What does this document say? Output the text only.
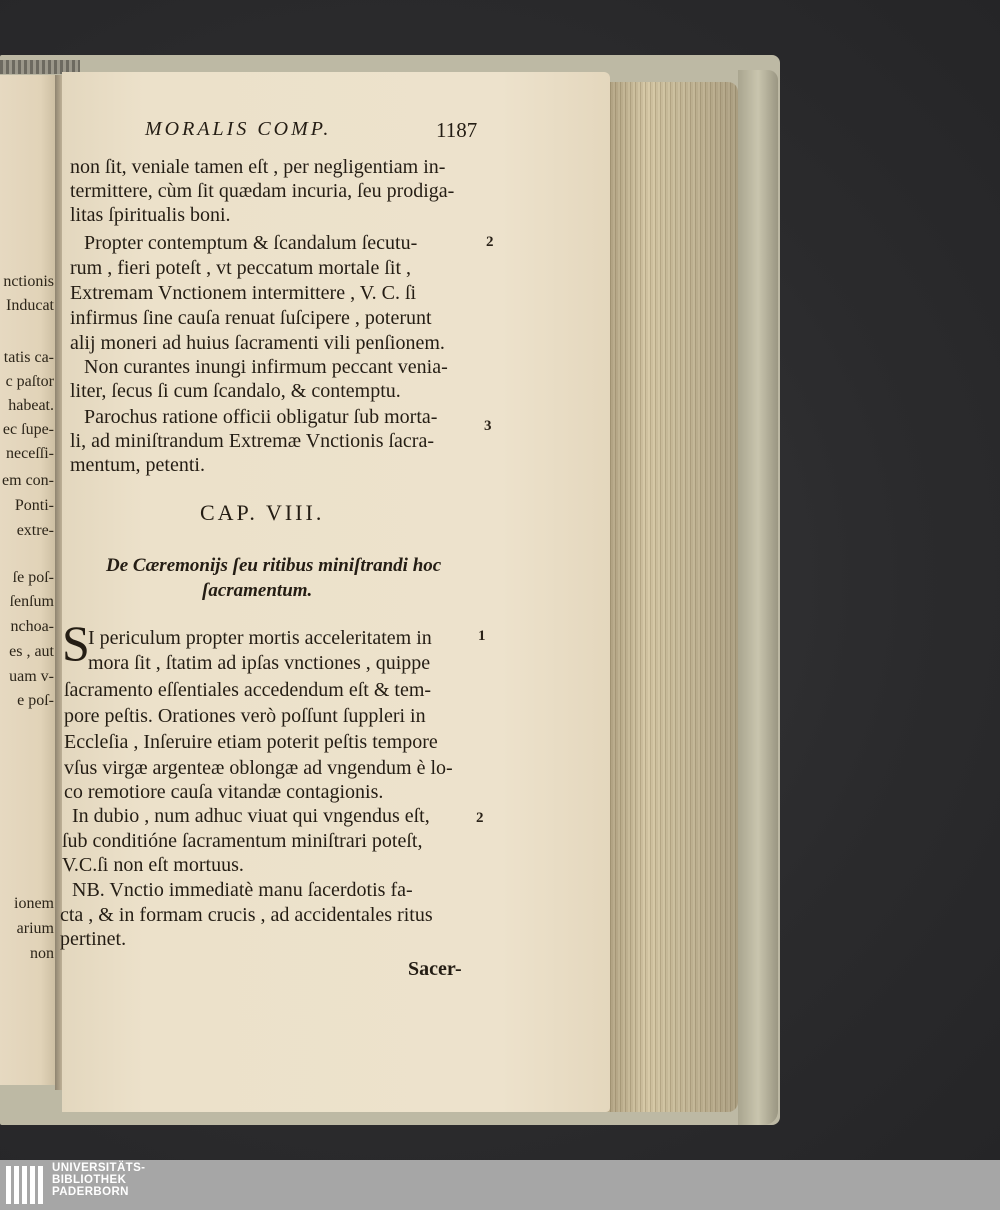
nctionis
Inducat
tatis ca-
c paſtor
habeat.
ec ſupe-
neceſſi-
em con-
Ponti-
extre-
ſe poſ-
ſenſum
nchoa-
es , aut
uam v-
e poſ-
ionem
arium
non
MORALIS COMP.	1187
non ſit, veniale tamen eſt , per negligentiam in-
termittere, cùm ſit quædam incuria, ſeu prodiga-
litas ſpiritualis boni.
Propter contemptum & ſcandalum ſecutu-
rum , fieri poteſt , vt peccatum mortale ſit ,
Extremam Vnctionem intermittere , V. C. ſi
infirmus ſine cauſa renuat ſuſcipere , poterunt
alij moneri ad huius ſacramenti vili penſionem.
Non curantes inungi infirmum peccant venia-
liter, ſecus ſi cum ſcandalo, & contemptu.
Parochus ratione officii obligatur ſub morta-
li, ad miniſtrandum Extremæ Vnctionis ſacra-
mentum, petenti.
2
3
1
2
CAP. VIII.
De Cæremonijs ſeu ritibus miniſtrandi hoc
ſacramentum.
S
I periculum propter mortis acceleritatem in
mora ſit , ſtatim ad ipſas vnctiones , quippe
ſacramento eſſentiales accedendum eſt & tem-
pore peſtis. Orationes verò poſſunt ſuppleri in
Eccleſia , Inſeruire etiam poterit peſtis tempore
vſus virgæ argenteæ oblongæ ad vngendum è lo-
co remotiore cauſa vitandæ contagionis.
In dubio , num adhuc viuat qui vngendus eſt,
ſub conditióne ſacramentum miniſtrari poteſt,
V.C.ſi non eſt mortuus.
NB. Vnctio immediatè manu ſacerdotis fa-
cta , & in formam crucis , ad accidentales ritus
pertinet.
Sacer-
UNIVERSITÄTS-
BIBLIOTHEK
PADERBORN
